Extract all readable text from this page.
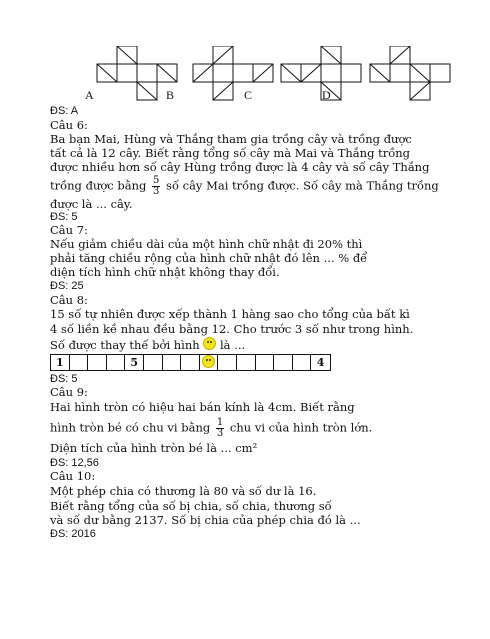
A	B	C	D
ĐS: A
Câu 6:
Ba bạn Mai, Hùng và Thắng tham gia trồng cây và trồng được
tất cả là 12 cây. Biết rằng tổng số cây mà Mai và Thắng trồng
được nhiều hơn số cây Hùng trồng được là 4 cây và số cây Thắng
trồng được bằng $\frac{5}{3}$ số cây Mai trồng được. Số cây mà Thắng trồng
được là ... cây.
ĐS: 5
Câu 7:
Nếu giảm chiều dài của một hình chữ nhật đi 20% thì
phải tăng chiều rộng của hình chữ nhật đó lên ... % để
diện tích hình chữ nhật không thay đổi.
ĐS: 25
Câu 8:
15 số tự nhiên được xếp thành 1 hàng sao cho tổng của bất kì
4 số liền kề nhau đều bằng 12. Cho trước 3 số như trong hình.
Số được thay thế bởi hình là ...
1	5	4
ĐS: 5
Câu 9:
Hai hình tròn có hiệu hai bán kính là 4cm. Biết rằng
hình tròn bé có chu vi bằng $\frac{1}{3}$ chu vi của hình tròn lớn.
Diện tích của hình tròn bé là ... cm²
ĐS: 12,56
Câu 10:
Một phép chia có thương là 80 và số dư là 16.
Biết rằng tổng của số bị chia, số chia, thương số
và số dư bằng 2137. Số bị chia của phép chia đó là ...
ĐS: 2016
